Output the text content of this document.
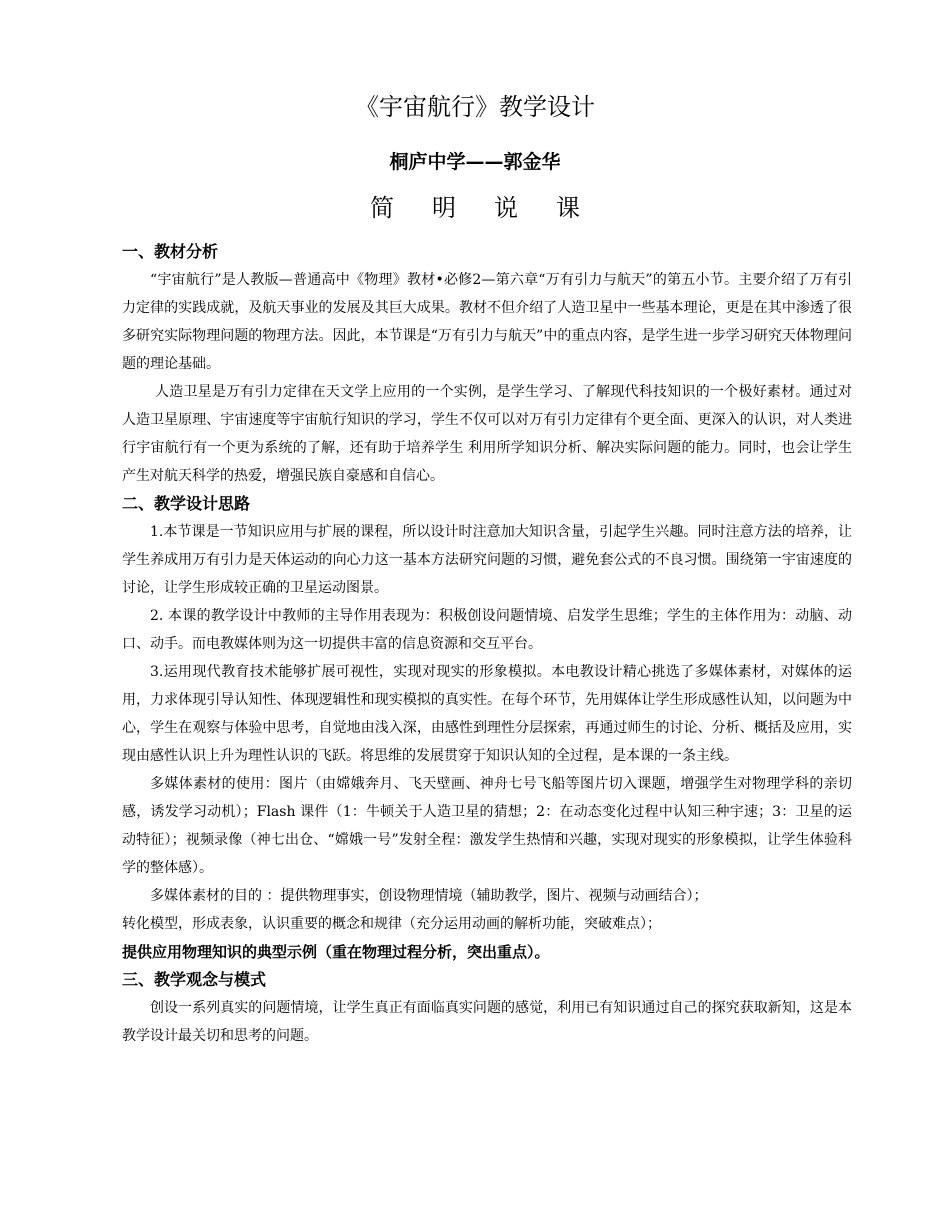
《宇宙航行》教学设计
桐庐中学——郭金华
简明说课
一、教材分析

“宇宙航行”是人教版—普通高中《物理》教材•必修2—第六章“万有引力与航天”的第五小节。主要介绍了万有引力定律的实践成就，及航天事业的发展及其巨大成果。教材不但介绍了人造卫星中一些基本理论，更是在其中渗透了很多研究实际物理问题的物理方法。因此，本节课是“万有引力与航天”中的重点内容，是学生进一步学习研究天体物理问题的理论基础。

人造卫星是万有引力定律在天文学上应用的一个实例，是学生学习、了解现代科技知识的一个极好素材。通过对人造卫星原理、宇宙速度等宇宙航行知识的学习，学生不仅可以对万有引力定律有个更全面、更深入的认识，对人类进行宇宙航行有一个更为系统的了解，还有助于培养学生 利用所学知识分析、解决实际问题的能力。同时，也会让学生产生对航天科学的热爱，增强民族自豪感和自信心。

二、教学设计思路

1.本节课是一节知识应用与扩展的课程，所以设计时注意加大知识含量，引起学生兴趣。同时注意方法的培养，让学生养成用万有引力是天体运动的向心力这一基本方法研究问题的习惯，避免套公式的不良习惯。围绕第一宇宙速度的讨论，让学生形成较正确的卫星运动图景。

2. 本课的教学设计中教师的主导作用表现为：积极创设问题情境、启发学生思维；学生的主体作用为：动脑、动口、动手。而电教媒体则为这一切提供丰富的信息资源和交互平台。

3.运用现代教育技术能够扩展可视性，实现对现实的形象模拟。本电教设计精心挑选了多媒体素材，对媒体的运用，力求体现引导认知性、体现逻辑性和现实模拟的真实性。在每个环节，先用媒体让学生形成感性认知，以问题为中心，学生在观察与体验中思考，自觉地由浅入深，由感性到理性分层探索，再通过师生的讨论、分析、概括及应用，实现由感性认识上升为理性认识的飞跃。将思维的发展贯穿于知识认知的全过程，是本课的一条主线。

多媒体素材的使用：图片（由嫦娥奔月、飞天壁画、神舟七号飞船等图片切入课题，增强学生对物理学科的亲切感，诱发学习动机）；Flash 课件（1：牛顿关于人造卫星的猜想；2：在动态变化过程中认知三种宇速；3：卫星的运动特征）；视频录像（神七出仓、“嫦娥一号”发射全程：激发学生热情和兴趣，实现对现实的形象模拟，让学生体验科学的整体感）。

多媒体素材的目的 ：提供物理事实，创设物理情境（辅助教学，图片、视频与动画结合）；

转化模型，形成表象，认识重要的概念和规律（充分运用动画的解析功能，突破难点）；

提供应用物理知识的典型示例（重在物理过程分析，突出重点）。

三、教学观念与模式

创设一系列真实的问题情境，让学生真正有面临真实问题的感觉，利用已有知识通过自己的探究获取新知，这是本教学设计最关切和思考的问题。
